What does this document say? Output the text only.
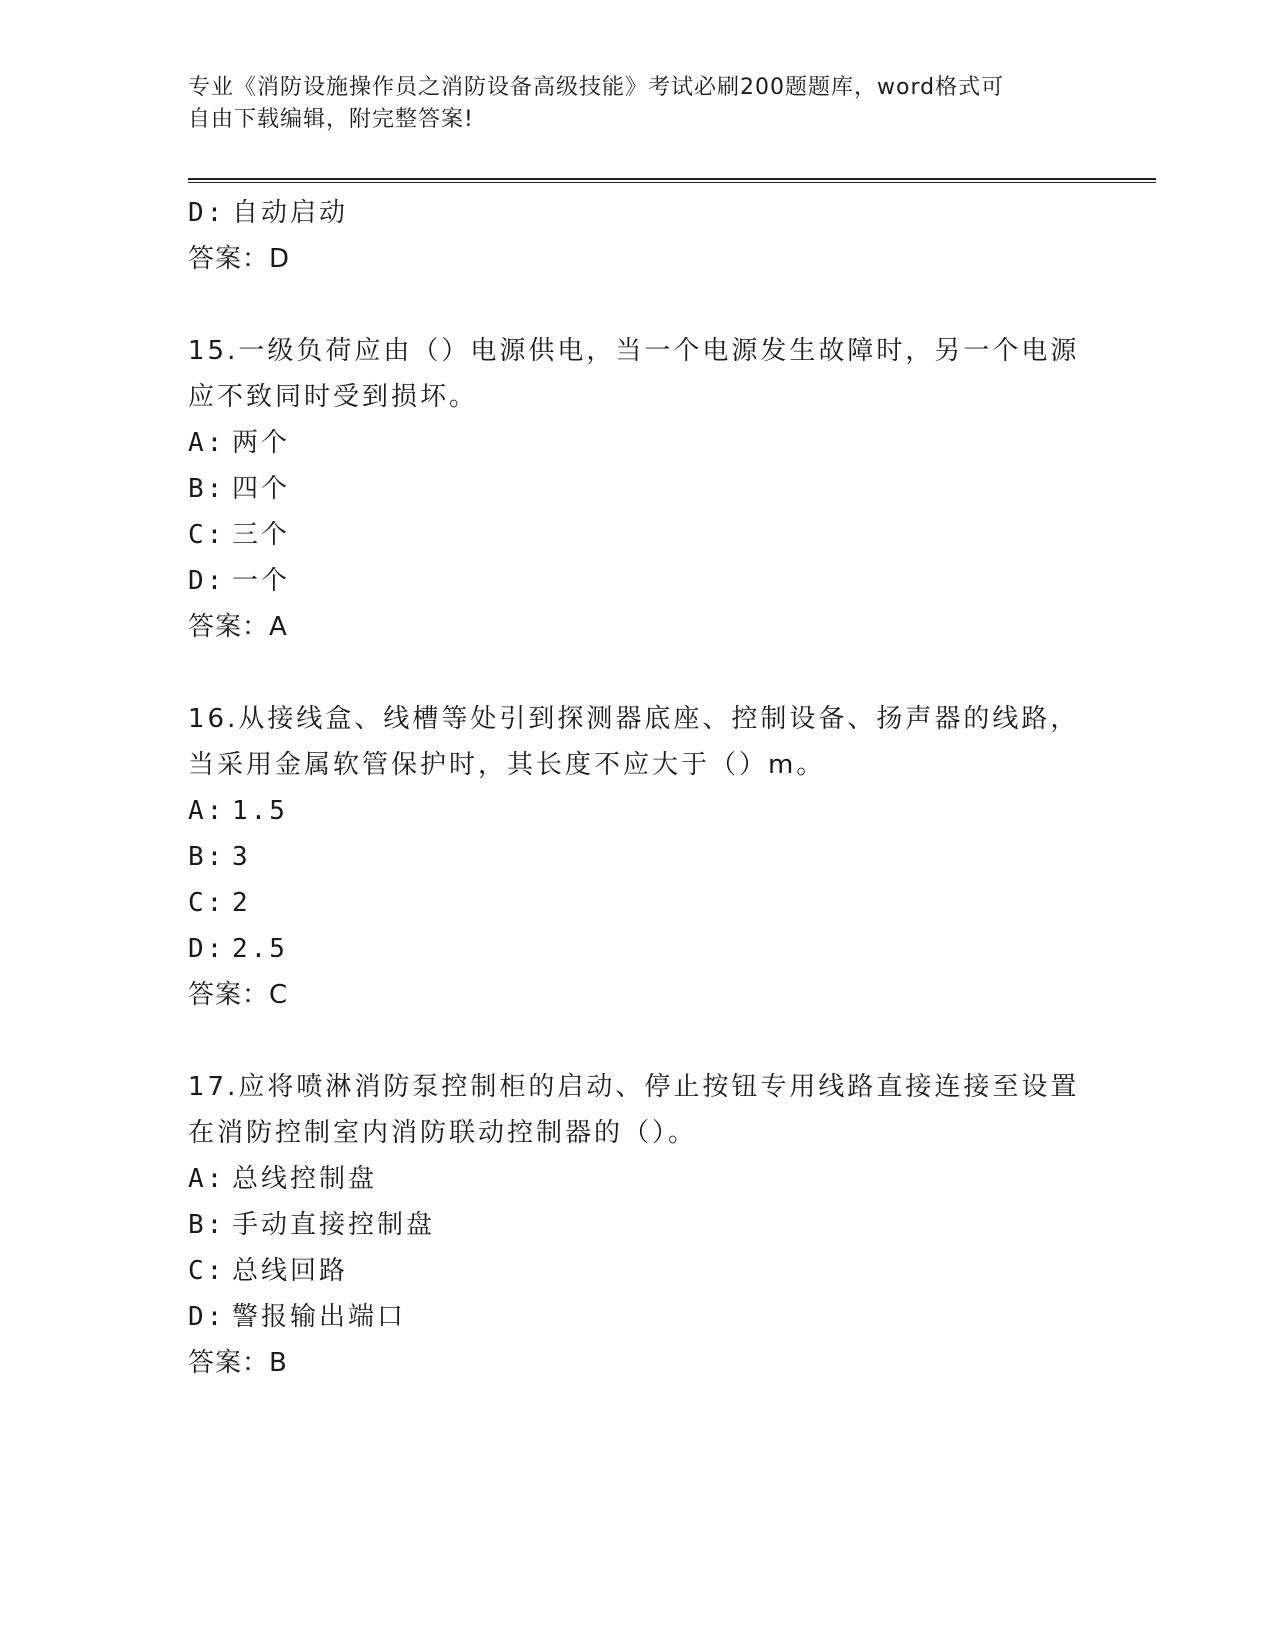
专业《消防设施操作员之消防设备高级技能》考试必刷200题题库，word格式可
自由下载编辑，附完整答案!
D: 自动启动
答案：D
15.一级负荷应由（）电源供电，当一个电源发生故障时，另一个电源
应不致同时受到损坏。
A: 两个
B: 四个
C: 三个
D: 一个
答案：A
16.从接线盒、线槽等处引到探测器底座、控制设备、扬声器的线路，
当采用金属软管保护时，其长度不应大于（）m。
A: 1.5
B: 3
C: 2
D: 2.5
答案：C
17.应将喷淋消防泵控制柜的启动、停止按钮专用线路直接连接至设置
在消防控制室内消防联动控制器的（）。
A: 总线控制盘
B: 手动直接控制盘
C: 总线回路
D: 警报输出端口
答案：B
